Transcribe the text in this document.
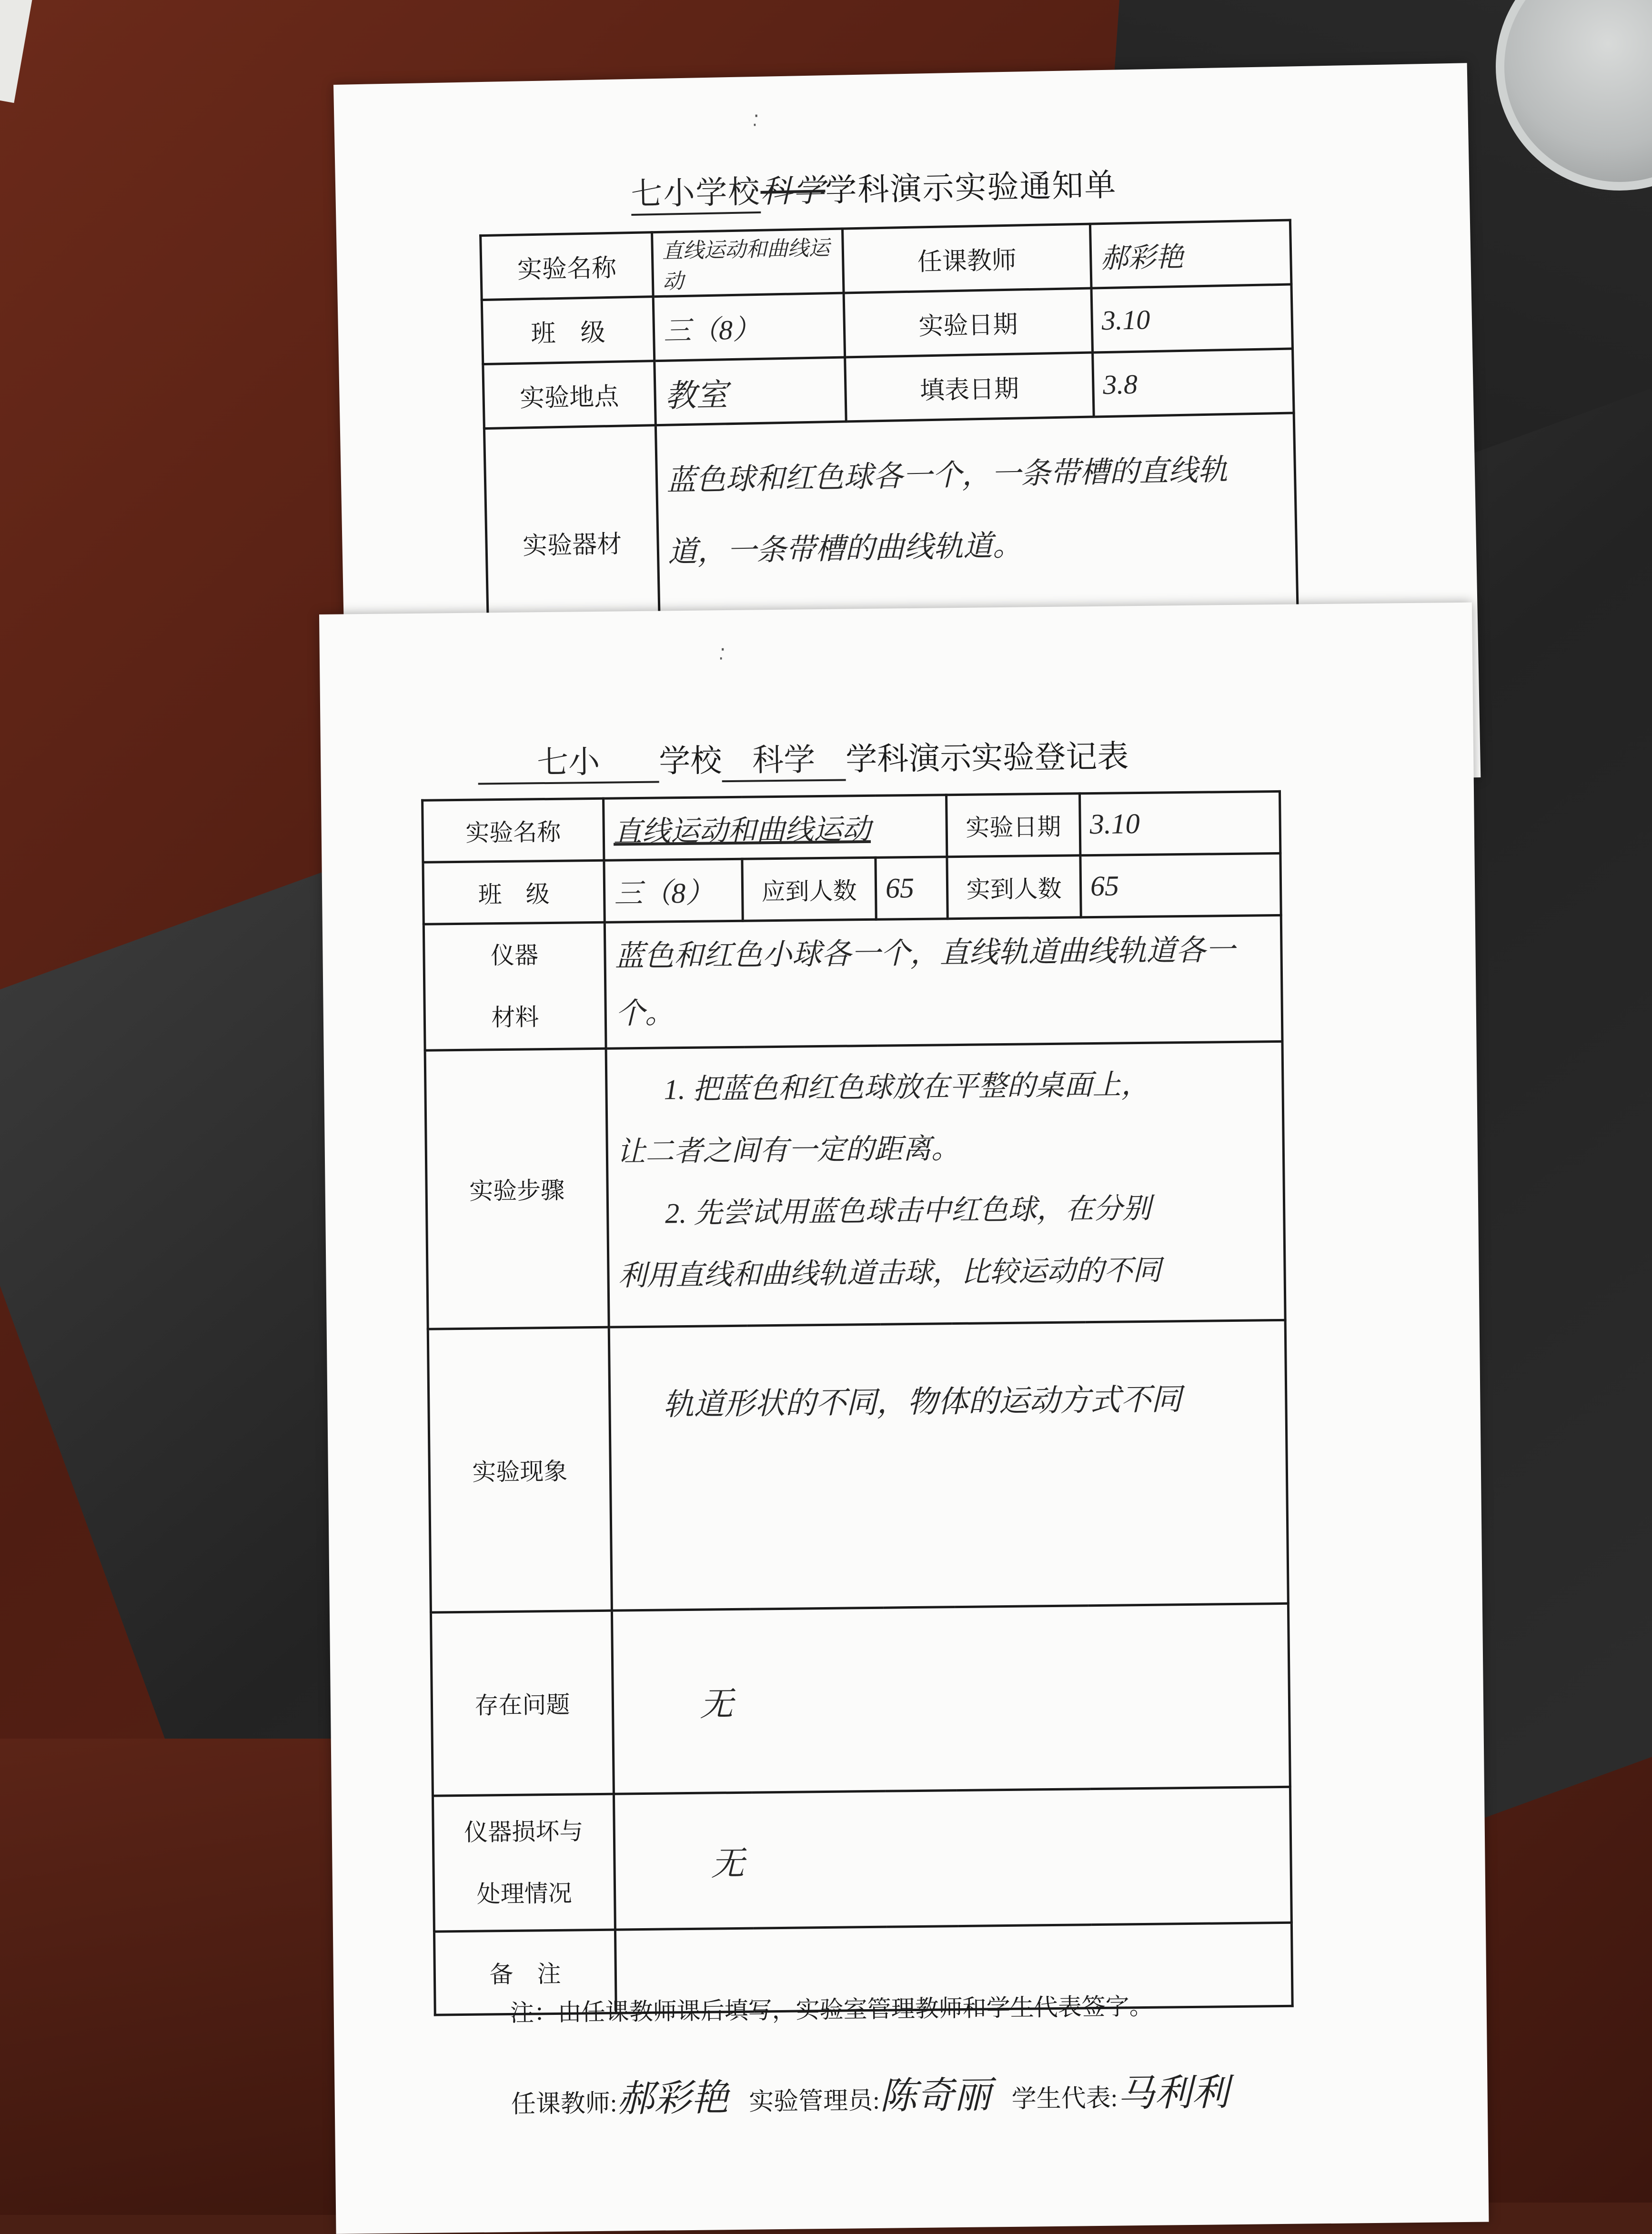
·̣
七小学校科学学科演示实验通知单
实验名称	直线运动和曲线运动	任课教师	郝彩艳
班　级	三（8）	实验日期	3.10
实验地点	教室	填表日期	3.8
实验器材	蓝色球和红色球各一个，一条带槽的直线轨道，一条带槽的曲线轨道。		
·̣
七小 学校 科学 学科演示实验登记表
实验名称	直线运动和曲线运动			实验日期	3.10
班　级	三（8）	应到人数	65	实到人数	65

仪器
材料	蓝色和红色小球各一个，直线轨道曲线轨道各一个。				
实验步骤	1. 把蓝色和红色球放在平整的桌面上，
让二者之间有一定的距离。
2. 先尝试用蓝色球击中红色球，在分别
利用直线和曲线轨道击球，比较运动的不同				

实验现象	轨道形状的不同，物体的运动方式不同				
存在问题	无				

仪器损坏与
处理情况	无				
备　注					
注：由任课教师课后填写，实验室管理教师和学生代表签字。
任课教师:郝彩艳 实验管理员:陈奇丽 学生代表:马利利
